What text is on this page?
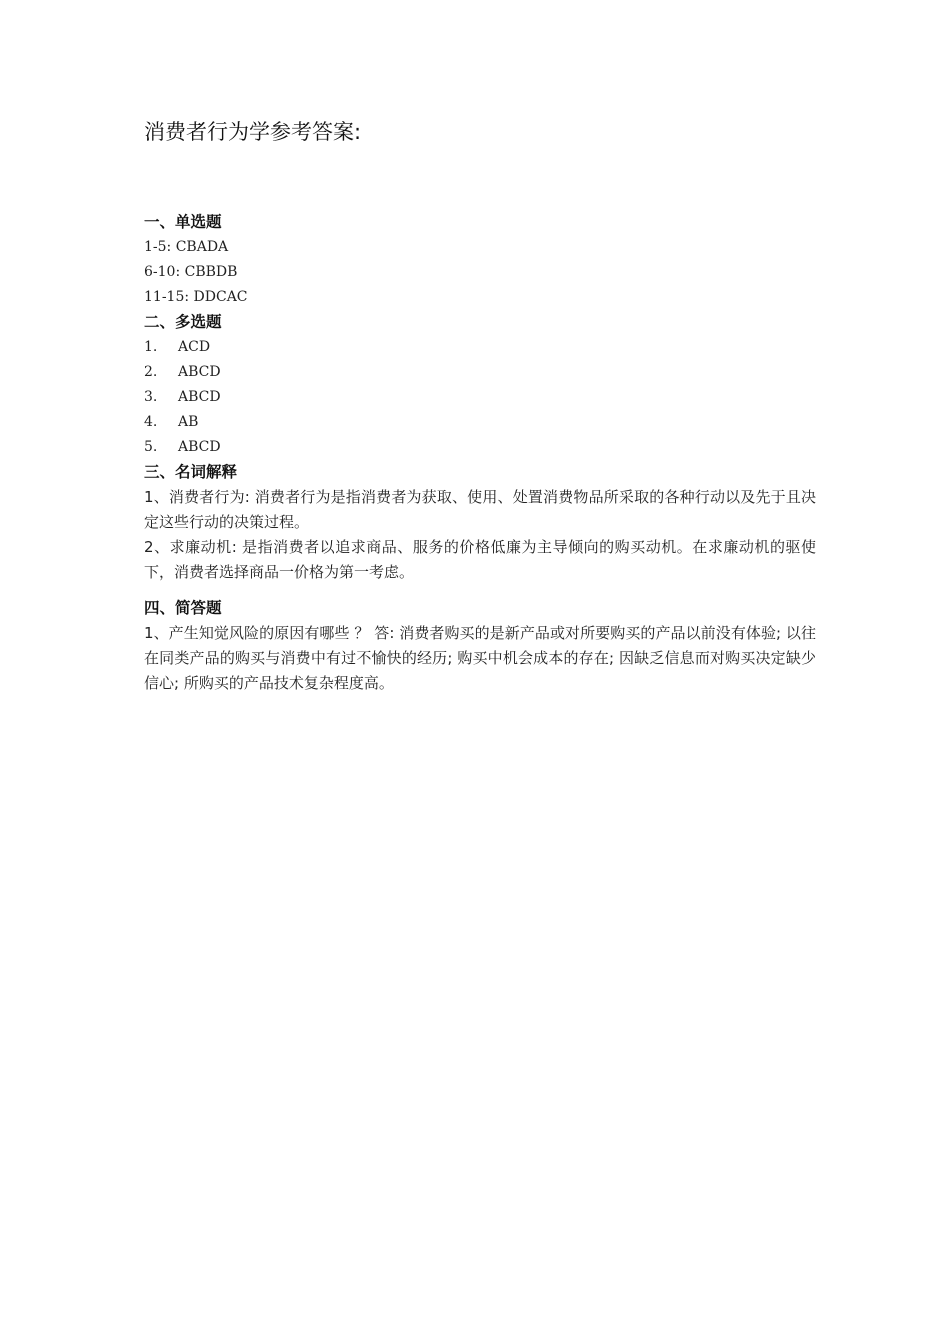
消费者行为学参考答案:
一、单选题
1-5: CBADA
6-10: CBBDB
11-15: DDCAC
二、多选题
1. ACD
2. ABCD
3. ABCD
4. AB
5. ABCD
三、名词解释

1、消费者行为: 消费者行为是指消费者为获取、使用、处置消费物品所采取的各种行动以及先于且决定这些行动的决策过程。

2、求廉动机: 是指消费者以追求商品、服务的价格低廉为主导倾向的购买动机。在求廉动机的驱使下，消费者选择商品一价格为第一考虑。

四、简答题

1、产生知觉风险的原因有哪些 ？ 答: 消费者购买的是新产品或对所要购买的产品以前没有体验; 以往在同类产品的购买与消费中有过不愉快的经历; 购买中机会成本的存在; 因缺乏信息而对购买决定缺少信心; 所购买的产品技术复杂程度高。
